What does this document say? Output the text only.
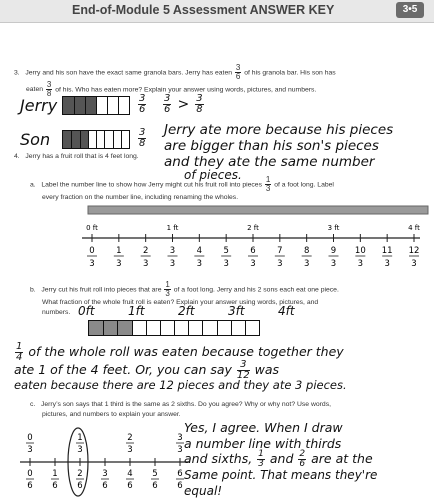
End-of-Module 5 Assessment ANSWER KEY	3•5
3. Jerry and his son have the exact same granola bars. Jerry has eaten $\frac{3}{6}$ of his granola bar. His son has
eaten $\frac{3}{8}$ of his. Who has eaten more? Explain your answer using words, pictures, and numbers.
Jerry	$\frac{3}{6} \frac{3}{6} > \frac{3}{8}$
Son	$\frac{3}{8}$ Jerry ate more because his pieces
are bigger than his son's pieces
and they ate the same number
of pieces.
4. Jerry has a fruit roll that is 4 feet long.
a. Label the number line to show how Jerry might cut his fruit roll into pieces $\frac{1}{3}$ of a foot long. Label
every fraction on the number line, including renaming the wholes.
0
3
1
3
2
3
3
3
4
3
5
3
6
3
7
3
8
3
9
3
10
3
11
3
12
3
0 ft	1 ft	2 ft	3 ft	4 ft
b. Jerry cut his fruit roll into pieces that are $\frac{1}{3}$ of a foot long. Jerry and his 2 sons each eat one piece.
What fraction of the whole fruit roll is eaten? Explain your answer using words, pictures, and
numbers. 0ft	1ft	2ft	3ft	4ft
$\frac{1}{4}$ of the whole roll was eaten because together they
ate 1 of the 4 feet. Or, you can say $\frac{3}{12}$ was
eaten because there are 12 pieces and they ate 3 pieces.
c. Jerry’s son says that 1 third is the same as 2 sixths. Do you agree? Why or why not? Use words,
pictures, and numbers to explain your answer.
0
6
1
6
2
6
3
6
4
6
5
6
6
6
0
3
1
3
2
3
3
3
Yes, I agree. When I draw
a number line with thirds
and sixths, $\frac{1}{3}$ and $\frac{2}{6}$ are at the
Same point. That means they're
equal!
